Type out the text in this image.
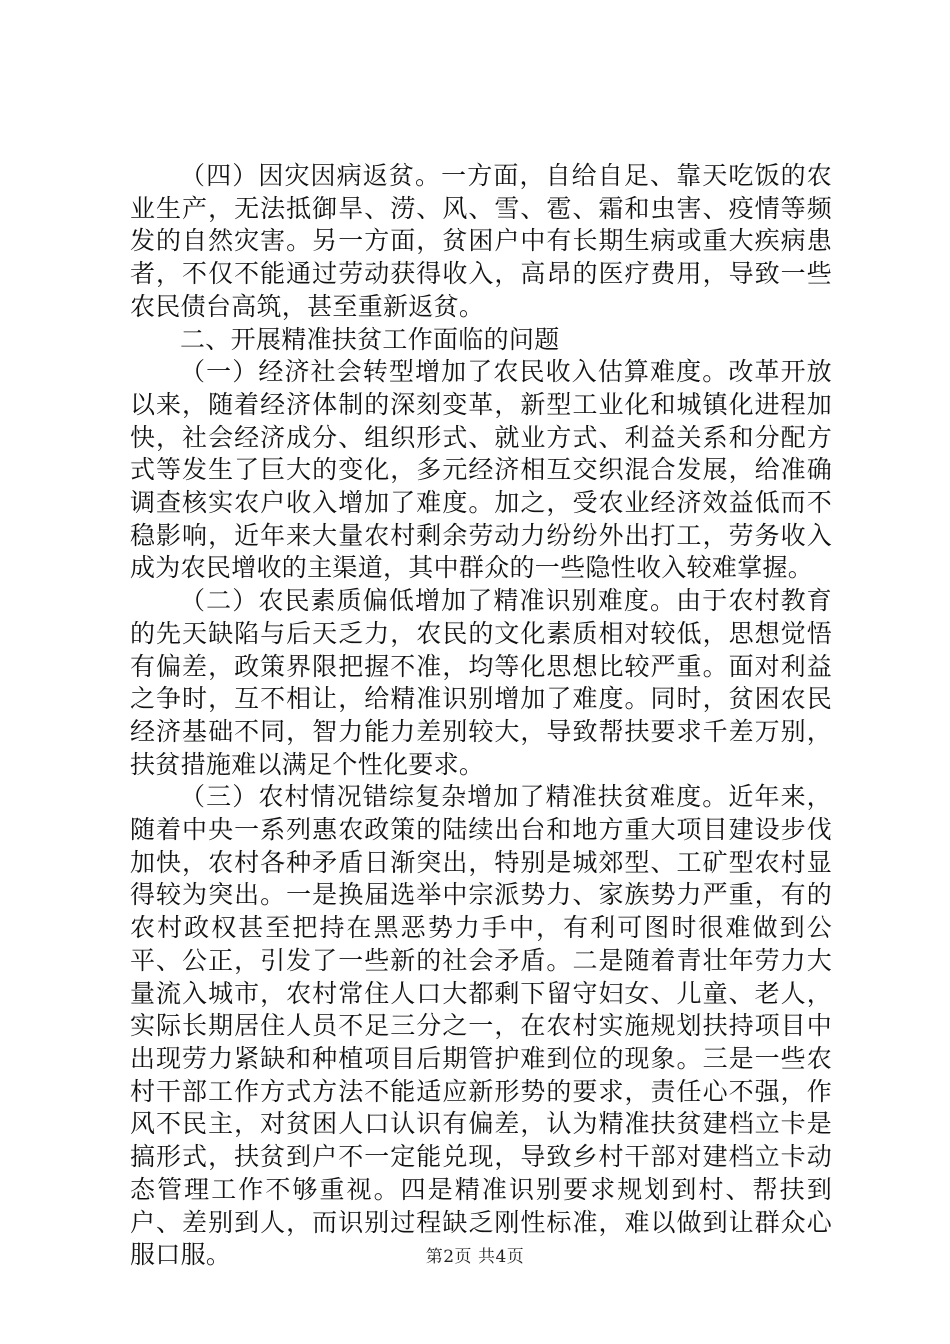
（四）因灾因病返贫。一方面，自给自足、靠天吃饭的农业生产，无法抵御旱、涝、风、雪、雹、霜和虫害、疫情等频发的自然灾害。另一方面，贫困户中有长期生病或重大疾病患者，不仅不能通过劳动获得收入，高昂的医疗费用，导致一些农民债台高筑，甚至重新返贫。

二、开展精准扶贫工作面临的问题

（一）经济社会转型增加了农民收入估算难度。改革开放以来，随着经济体制的深刻变革，新型工业化和城镇化进程加快，社会经济成分、组织形式、就业方式、利益关系和分配方式等发生了巨大的变化，多元经济相互交织混合发展，给准确调查核实农户收入增加了难度。加之，受农业经济效益低而不稳影响，近年来大量农村剩余劳动力纷纷外出打工，劳务收入成为农民增收的主渠道，其中群众的一些隐性收入较难掌握。

（二）农民素质偏低增加了精准识别难度。由于农村教育的先天缺陷与后天乏力，农民的文化素质相对较低，思想觉悟有偏差，政策界限把握不准，均等化思想比较严重。面对利益之争时，互不相让，给精准识别增加了难度。同时，贫困农民经济基础不同，智力能力差别较大，导致帮扶要求千差万别，扶贫措施难以满足个性化要求。

（三）农村情况错综复杂增加了精准扶贫难度。近年来，随着中央一系列惠农政策的陆续出台和地方重大项目建设步伐加快，农村各种矛盾日渐突出，特别是城郊型、工矿型农村显得较为突出。一是换届选举中宗派势力、家族势力严重，有的农村政权甚至把持在黑恶势力手中，有利可图时很难做到公平、公正，引发了一些新的社会矛盾。二是随着青壮年劳力大量流入城市，农村常住人口大都剩下留守妇女、儿童、老人，实际长期居住人员不足三分之一，在农村实施规划扶持项目中出现劳力紧缺和种植项目后期管护难到位的现象。三是一些农村干部工作方式方法不能适应新形势的要求，责任心不强，作风不民主，对贫困人口认识有偏差，认为精准扶贫建档立卡是搞形式，扶贫到户不一定能兑现，导致乡村干部对建档立卡动态管理工作不够重视。四是精准识别要求规划到村、帮扶到户、差别到人，而识别过程缺乏刚性标准，难以做到让群众心服口服。	第2页 共4页
